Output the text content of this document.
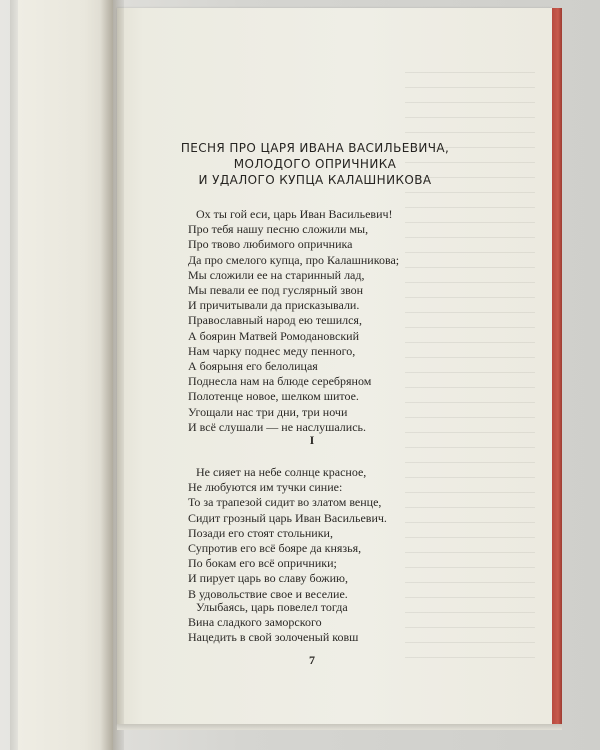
ПЕСНЯ ПРО ЦАРЯ ИВАНА ВАСИЛЬЕВИЧА,
МОЛОДОГО ОПРИЧНИКА
И УДАЛОГО КУПЦА КАЛАШНИКОВА
Ох ты гой еси, царь Иван Васильевич!
Про тебя нашу песню сложили мы,
Про твово любимого опричника
Да про смелого купца, про Калашникова;
Мы сложили ее на старинный лад,
Мы певали ее под гуслярный звон
И причитывали да присказывали.
Православный народ ею тешился,
А боярин Матвей Ромодановский
Нам чарку поднес меду пенного,
А боярыня его белолицая
Поднесла нам на блюде серебряном
Полотенце новое, шелком шитое.
Угощали нас три дни, три ночи
И всё слушали — не наслушались.
I
Не сияет на небе солнце красное,
Не любуются им тучки синие:
То за трапезой сидит во златом венце,
Сидит грозный царь Иван Васильевич.
Позади его стоят стольники,
Супротив его всё бояре да князья,
По бокам его всё опричники;
И пирует царь во славу божию,
В удовольствие свое и веселие.
Улыбаясь, царь повелел тогда
Вина сладкого заморского
Нацедить в свой золоченый ковш
7
